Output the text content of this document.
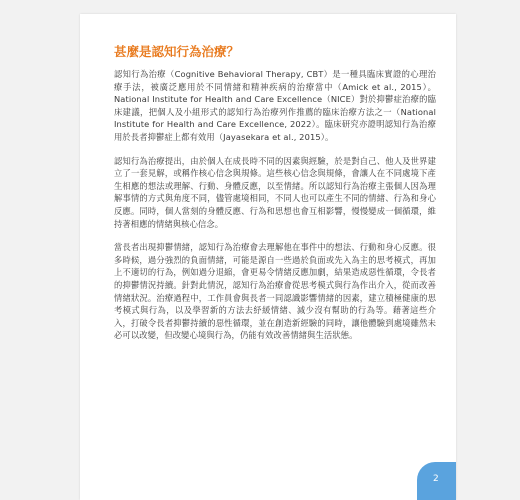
甚麼是認知行為治療？

認知行為治療（Cognitive Behavioral Therapy, CBT）是一種具臨床實證的心理治療手法，被廣泛應用於不同情緒和精神疾病的治療當中（Amick et al., 2015）。National Institute for Health and Care Excellence（NICE）對於抑鬱症治療的臨床建議，把個人及小組形式的認知行為治療列作推薦的臨床治療方法之一（National Institute for Health and Care Excellence, 2022）。臨床研究亦證明認知行為治療用於長者抑鬱症上都有效用（Jayasekara et al., 2015）。

認知行為治療提出，由於個人在成長時不同的因素與經驗，於是對自己、他人及世界建立了一套見解，或稱作核心信念與規條。這些核心信念與規條，會讓人在不同處境下產生相應的想法或理解、行動、身體反應，以至情緒。所以認知行為治療主張個人因為理解事情的方式與角度不同，儘管處境相同，不同人也可以產生不同的情緒、行為和身心反應。同時，個人當刻的身體反應、行為和思想也會互相影響，慢慢變成一個循環，維持著相應的情緒與核心信念。

當長者出現抑鬱情緒，認知行為治療會去理解他在事件中的想法、行動和身心反應。很多時候，過分強烈的負面情緒，可能是源自一些過於負面或先入為主的思考模式，再加上不適切的行為，例如過分退縮，會更易令情緒反應加劇，結果造成惡性循環，令長者的抑鬱情況持續。針對此情況，認知行為治療會從思考模式與行為作出介入，從而改善情緒狀況。治療過程中，工作員會與長者一同認識影響情緒的因素，建立積極健康的思考模式與行為，以及學習新的方法去紓緩情緒、減少沒有幫助的行為等。藉著這些介入，打破令長者抑鬱持續的惡性循環，並在創造新經驗的同時，讓他體驗到處境雖然未必可以改變，但改變心境與行為，仍能有效改善情緒與生活狀態。

2
